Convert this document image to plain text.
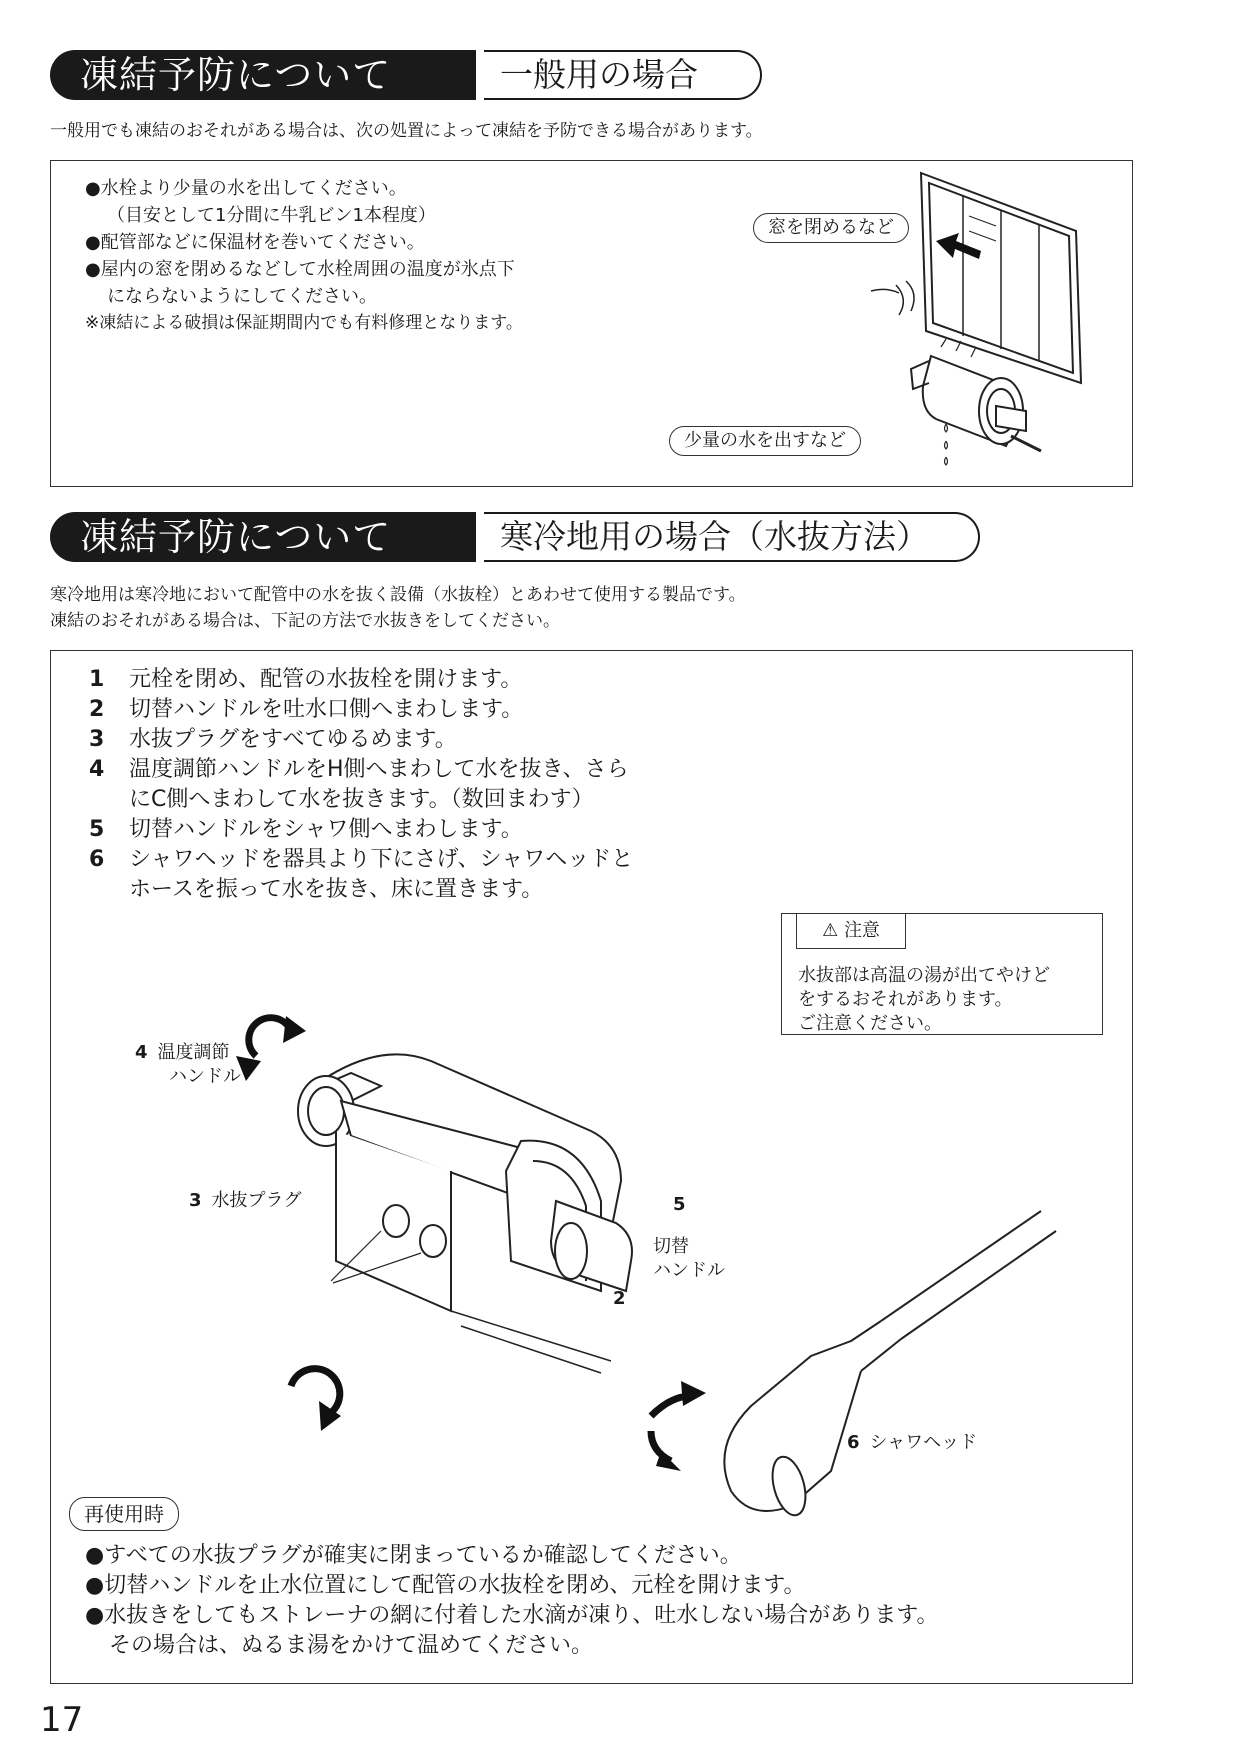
凍結予防について	一般用の場合
一般用でも凍結のおそれがある場合は、次の処置によって凍結を予防できる場合があります。
●水栓より少量の水を出してください。
（目安として1分間に牛乳ビン1本程度）
●配管部などに保温材を巻いてください。
●屋内の窓を閉めるなどして水栓周囲の温度が氷点下
にならないようにしてください。
※凍結による破損は保証期間内でも有料修理となります。
窓を閉めるなど
少量の水を出すなど
凍結予防について	寒冷地用の場合（水抜方法）
寒冷地用は寒冷地において配管中の水を抜く設備（水抜栓）とあわせて使用する製品です。
凍結のおそれがある場合は、下記の方法で水抜きをしてください。
1 元栓を閉め、配管の水抜栓を開けます。
2 切替ハンドルを吐水口側へまわします。
3 水抜プラグをすべてゆるめます。
4 温度調節ハンドルをH側へまわして水を抜き、さら
にC側へまわして水を抜きます。（数回まわす）
5 切替ハンドルをシャワ側へまわします。
6 シャワヘッドを器具より下にさげ、シャワヘッドと
ホースを振って水を抜き、床に置きます。
⚠ 注意
水抜部は高温の湯が出てやけど
をするおそれがあります。
ご注意ください。
4 温度調節
ハンドル
3 水抜プラグ	5
切替
ハンドル
2
6 シャワヘッド
再使用時
●すべての水抜プラグが確実に閉まっているか確認してください。
●切替ハンドルを止水位置にして配管の水抜栓を閉め、元栓を開けます。
●水抜きをしてもストレーナの網に付着した水滴が凍り、吐水しない場合があります。
その場合は、ぬるま湯をかけて温めてください。
17
